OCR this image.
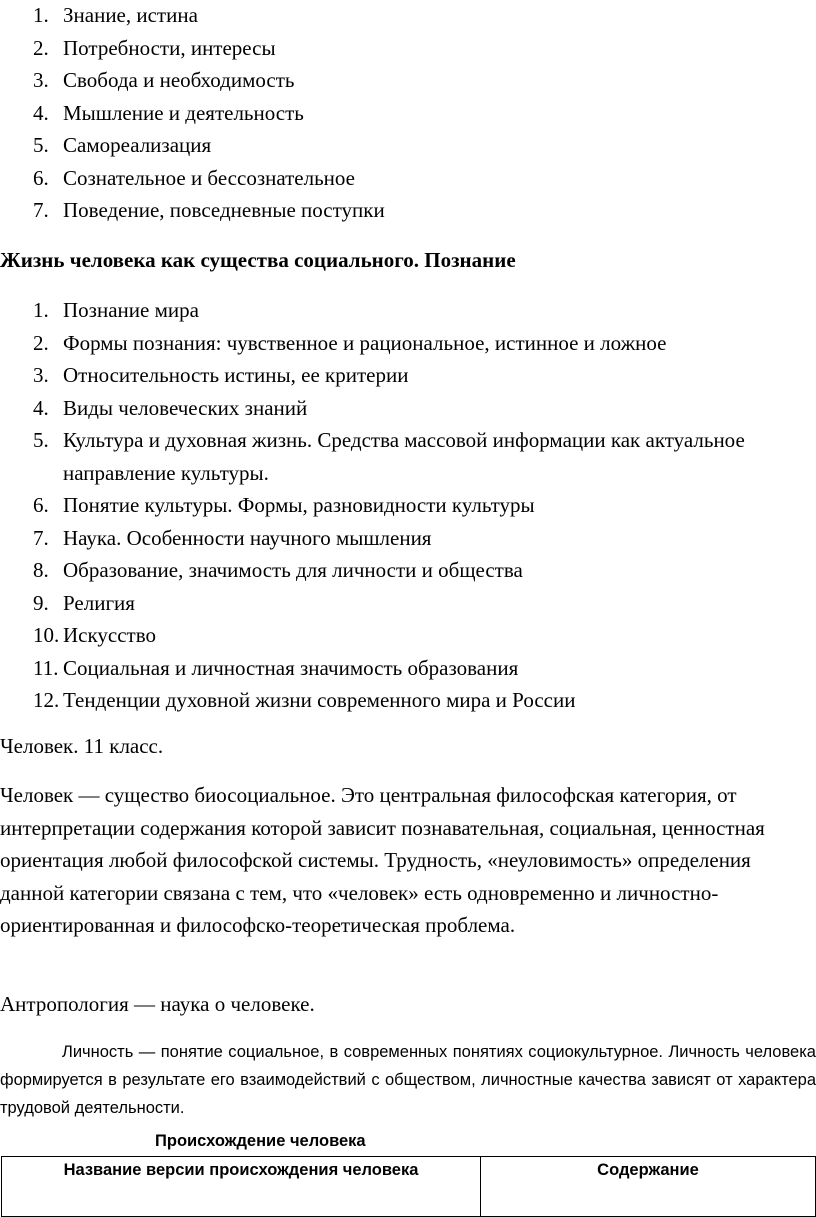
1. Знание, истина
2. Потребности, интересы
3. Свобода и необходимость
4. Мышление и деятельность
5. Самореализация
6. Сознательное и бессознательное
7. Поведение, повседневные поступки
Жизнь человека как существа социального. Познание
1. Познание мира
2. Формы познания: чувственное и рациональное, истинное и ложное
3. Относительность истины, ее критерии
4. Виды человеческих знаний
5. Культура и духовная жизнь. Средства массовой информации как актуальное направление культуры.
6. Понятие культуры. Формы, разновидности культуры
7. Наука. Особенности научного мышления
8. Образование, значимость для личности и общества
9. Религия
10. Искусство
11. Социальная и личностная значимость образования
12. Тенденции духовной жизни современного мира и России

Человек. 11 класс.

Человек — существо биосоциальное. Это центральная философская категория, от интерпретации содержания которой зависит познавательная, социальная, ценностная ориентация любой философской системы. Трудность, «неуловимость» определения данной категории связана с тем, что «человек» есть одновременно и личностно-ориентированная и философско-теоретическая проблема.

Антропология — наука о человеке.

Личность — понятие социальное, в современных понятиях социокультурное. Личность человека формируется в результате его взаимодействий с обществом, личностные качества зависят от характера трудовой деятельности.

Происхождение человека

Название версии происхождения человека	Содержание
